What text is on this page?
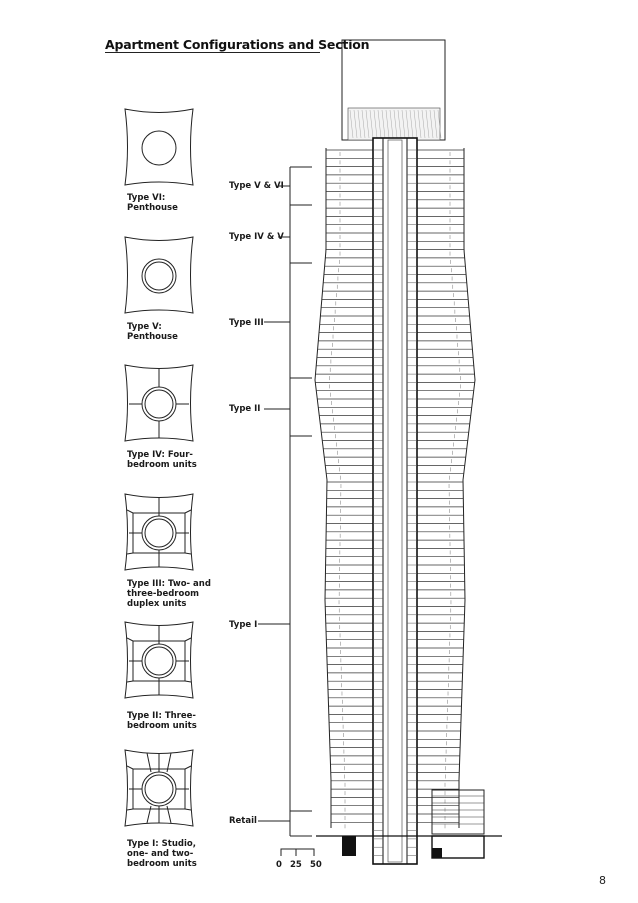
Apartment Configurations and Section
Type VI:
Penthouse
Type V:
Penthouse
Type IV: Four-
bedroom units
Type III: Two- and
three-bedroom
duplex units
Type II: Three-
bedroom units
Type I: Studio,
one- and two-
bedroom units
Type V & VI
Type IV & V
Type III
Type II
Type I
Retail
0 25 50
8
